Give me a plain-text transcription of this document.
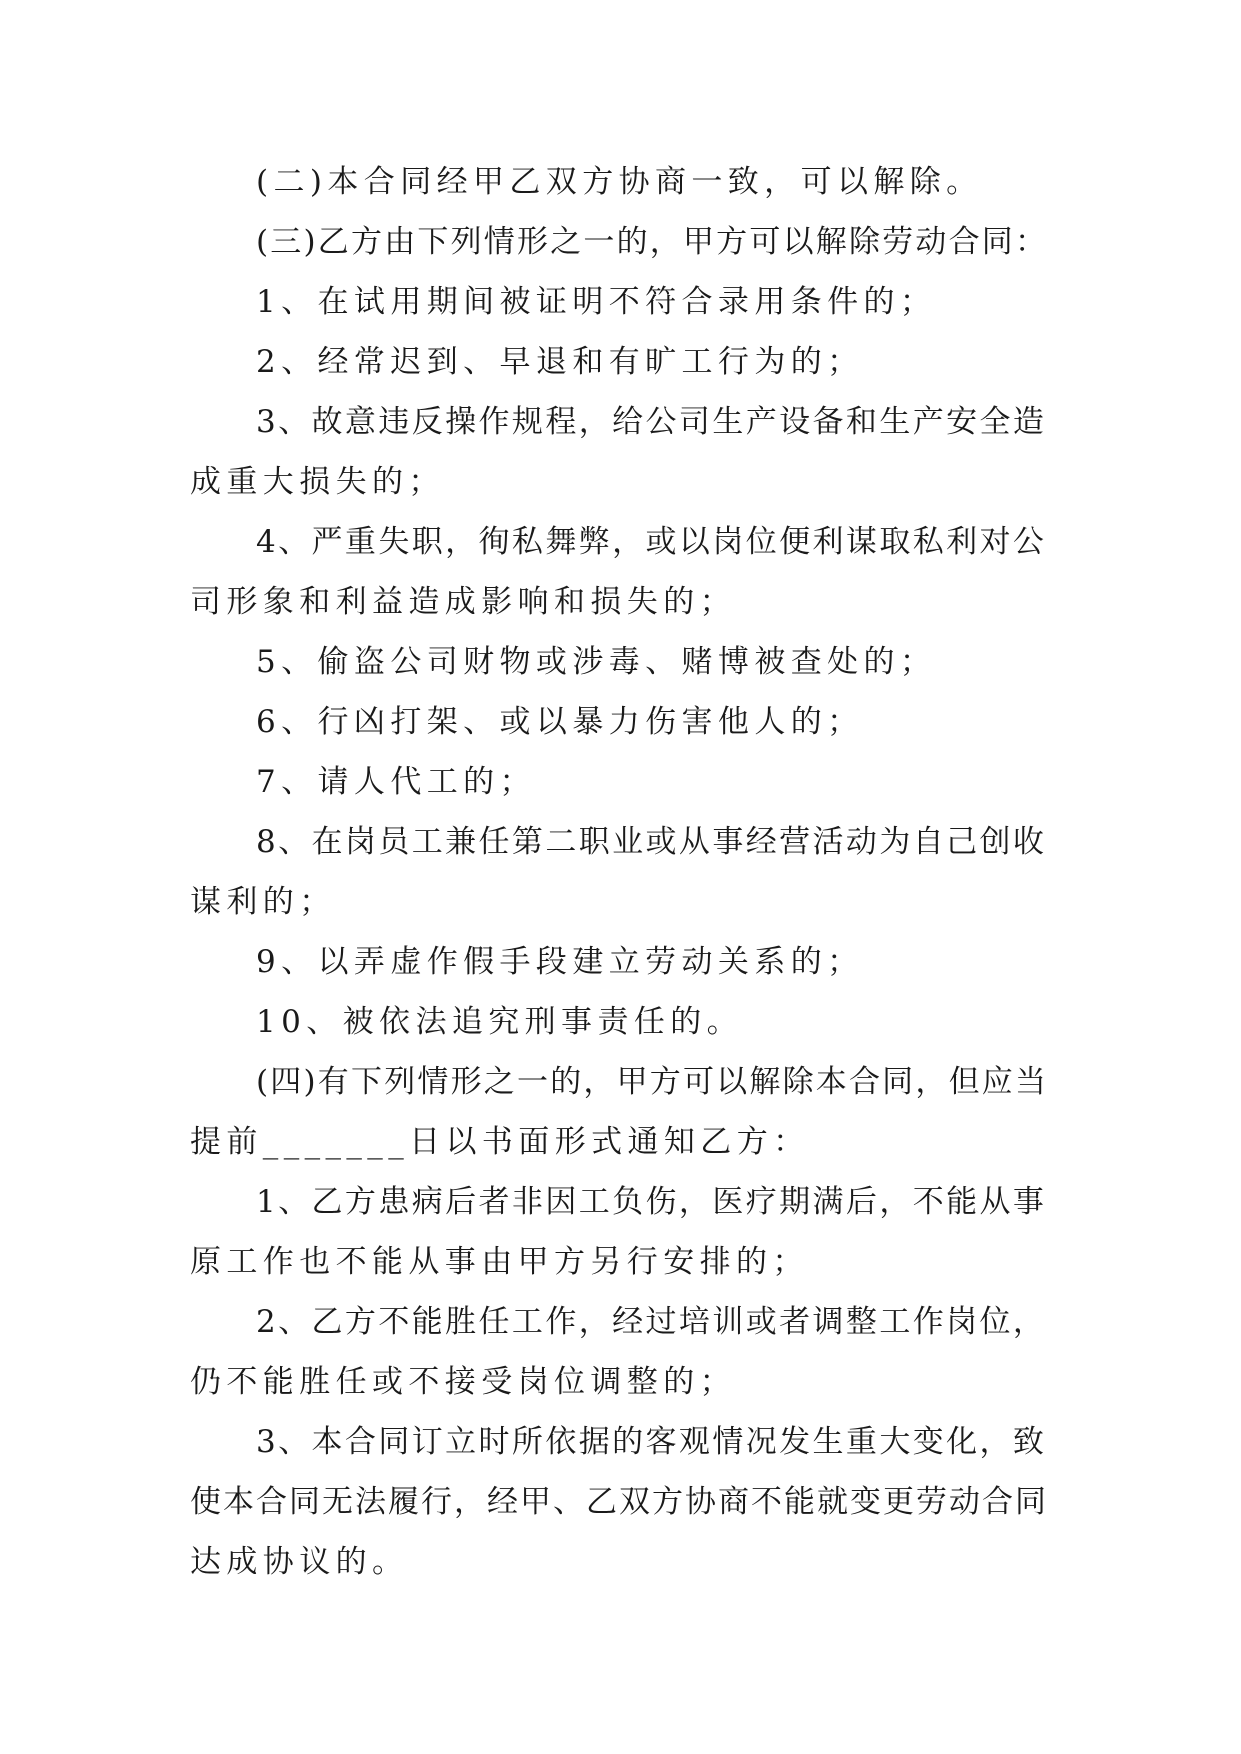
(二)本合同经甲乙双方协商一致，可以解除。
(三)乙方由下列情形之一的，甲方可以解除劳动合同：
1、在试用期间被证明不符合录用条件的；
2、经常迟到、早退和有旷工行为的；
3、故意违反操作规程，给公司生产设备和生产安全造
成重大损失的；
4、严重失职，徇私舞弊，或以岗位便利谋取私利对公
司形象和利益造成影响和损失的；
5、偷盗公司财物或涉毒、赌博被查处的；
6、行凶打架、或以暴力伤害他人的；
7、请人代工的；
8、在岗员工兼任第二职业或从事经营活动为自己创收
谋利的；
9、以弄虚作假手段建立劳动关系的；
10、被依法追究刑事责任的。
(四)有下列情形之一的，甲方可以解除本合同，但应当
提前_______日以书面形式通知乙方：
1、乙方患病后者非因工负伤，医疗期满后，不能从事
原工作也不能从事由甲方另行安排的；
2、乙方不能胜任工作，经过培训或者调整工作岗位，
仍不能胜任或不接受岗位调整的；
3、本合同订立时所依据的客观情况发生重大变化，致
使本合同无法履行，经甲、乙双方协商不能就变更劳动合同
达成协议的。
